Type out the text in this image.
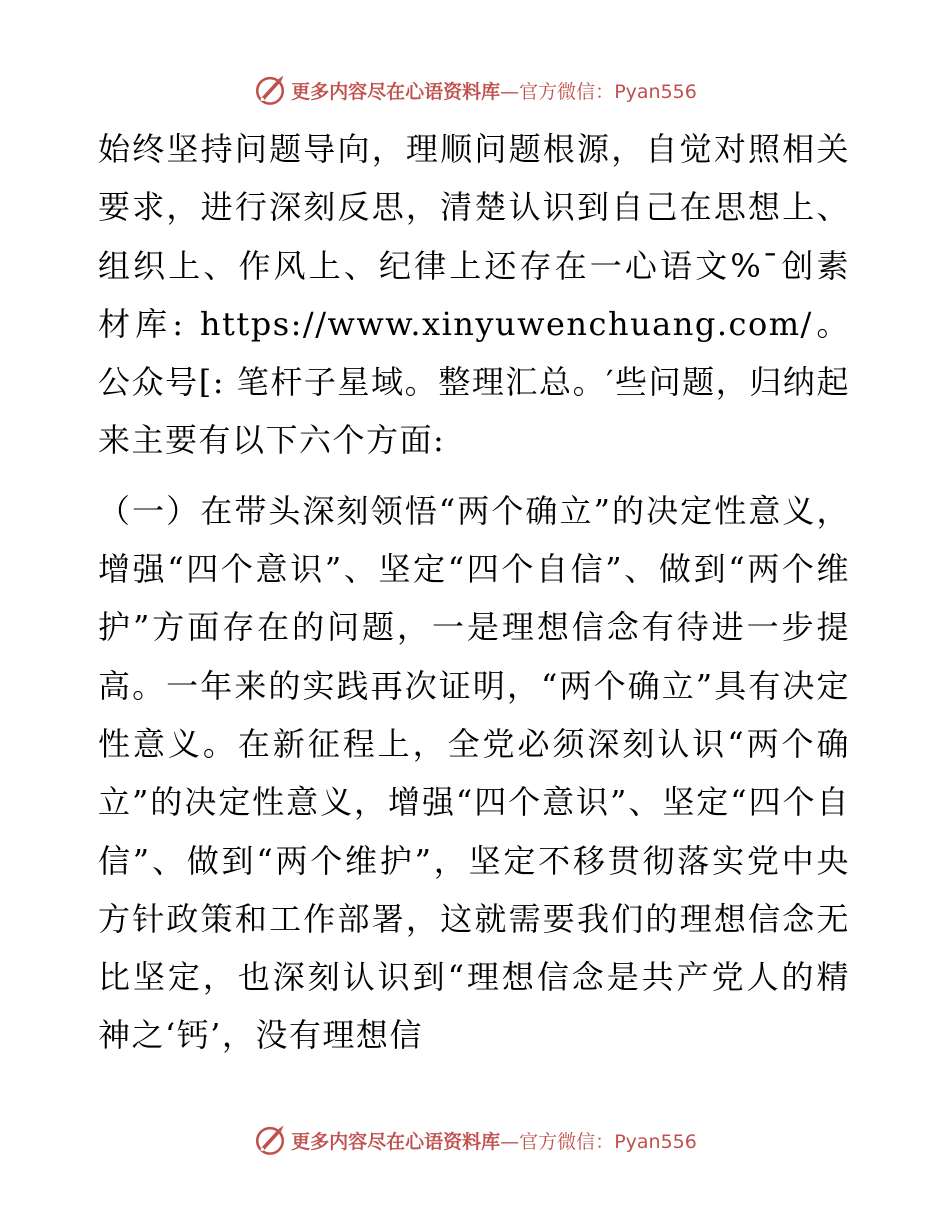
更多内容尽在心语资料库—官方微信：Pyan556

始终坚持问题导向，理顺问题根源，自觉对照相关要求，进行深刻反思，清楚认识到自己在思想上、组织上、作风上、纪律上还存在一心语文%¯创素材库: https://www.xinyuwenchuang.com/。公众号[: 笔杆子星域。整理汇总。′些问题，归纳起来主要有以下六个方面:

（一）在带头深刻领悟“两个确立”的决定性意义，增强“四个意识”、坚定“四个自信”、做到“两个维护”方面存在的问题，一是理想信念有待进一步提高。一年来的实践再次证明，“两个确立”具有决定性意义。在新征程上，全党必须深刻认识“两个确立”的决定性意义，增强“四个意识”、坚定“四个自信”、做到“两个维护”，坚定不移贯彻落实党中央方针政策和工作部署，这就需要我们的理想信念无比坚定，也深刻认识到“理想信念是共产党人的精神之‘钙’，没有理想信

更多内容尽在心语资料库—官方微信：Pyan556
